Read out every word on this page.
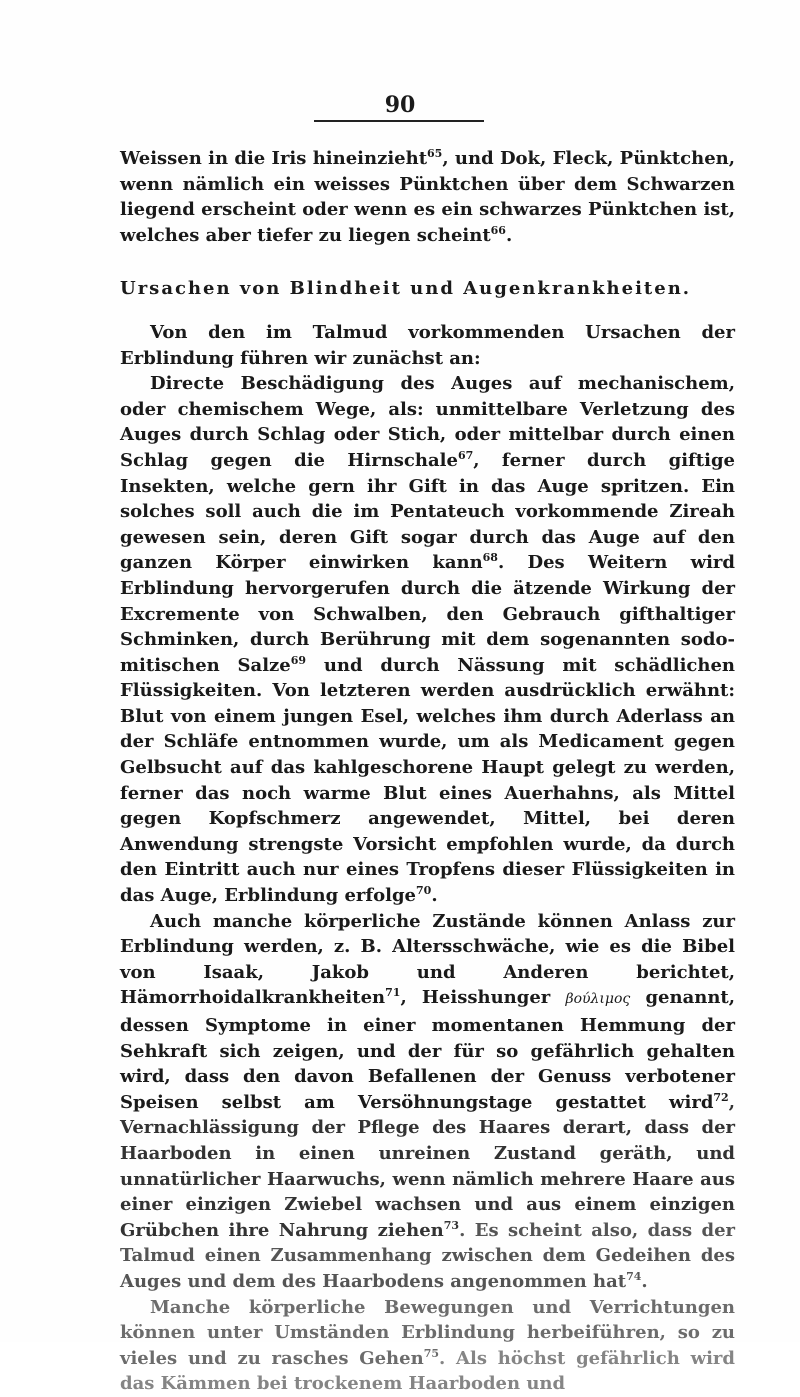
90

Weissen in die Iris hineinzieht$^{65}$, und Dok, Fleck, Pünktchen, wenn nämlich ein weisses Pünktchen über dem Schwarzen liegend erscheint oder wenn es ein schwarzes Pünktchen ist, welches aber tiefer zu liegen scheint$^{66}$.

Ursachen von Blindheit und Augenkrankheiten.

Von den im Talmud vorkommenden Ursachen der Erblindung führen wir zunächst an:

Directe Beschädigung des Auges auf mechanischem, oder chemischem Wege, als: unmittelbare Verletzung des Auges durch Schlag oder Stich, oder mittelbar durch einen Schlag gegen die Hirnschale$^{67}$, ferner durch giftige Insekten, welche gern ihr Gift in das Auge spritzen. Ein solches soll auch die im Pentateuch vorkommende Zireah gewesen sein, deren Gift sogar durch das Auge auf den ganzen Körper einwirken kann$^{68}$. Des Weitern wird Erblindung hervorgerufen durch die ätzende Wirkung der Excremente von Schwalben, den Gebrauch gifthaltiger Schminken, durch Berührung mit dem sogenannten sodomitischen Salze$^{69}$ und durch Nässung mit schädlichen Flüssigkeiten. Von letzteren werden ausdrücklich erwähnt: Blut von einem jungen Esel, welches ihm durch Aderlass an der Schläfe entnommen wurde, um als Medicament gegen Gelbsucht auf das kahlgeschorene Haupt gelegt zu werden, ferner das noch warme Blut eines Auerhahns, als Mittel gegen Kopfschmerz angewendet, Mittel, bei deren Anwendung strengste Vorsicht empfohlen wurde, da durch den Eintritt auch nur eines Tropfens dieser Flüssigkeiten in das Auge, Erblindung erfolge$^{70}$.

Auch manche körperliche Zustände können Anlass zur Erblindung werden, z. B. Altersschwäche, wie es die Bibel von Isaak, Jakob und Anderen berichtet, Hämorrhoidalkrankheiten$^{71}$, Heisshunger βούλιμος genannt, dessen Symptome in einer momentanen Hemmung der Sehkraft sich zeigen, und der für so gefährlich gehalten wird, dass den davon Befallenen der Genuss verbotener Speisen selbst am Versöhnungstage gestattet wird$^{72}$, Vernachlässigung der Pflege des Haares derart, dass der Haarboden in einen unreinen Zustand geräth, und unnatürlicher Haarwuchs, wenn nämlich mehrere Haare aus einer einzigen Zwiebel wachsen und aus einem einzigen Grübchen ihre Nahrung ziehen$^{73}$. Es scheint also, dass der Talmud einen Zusammenhang zwischen dem Gedeihen des Auges und dem des Haarbodens angenommen hat$^{74}$.

Manche körperliche Bewegungen und Verrichtungen können unter Umständen Erblindung herbeiführen, so zu vieles und zu rasches Gehen$^{75}$. Als höchst gefährlich wird das Kämmen bei trockenem Haarboden und
